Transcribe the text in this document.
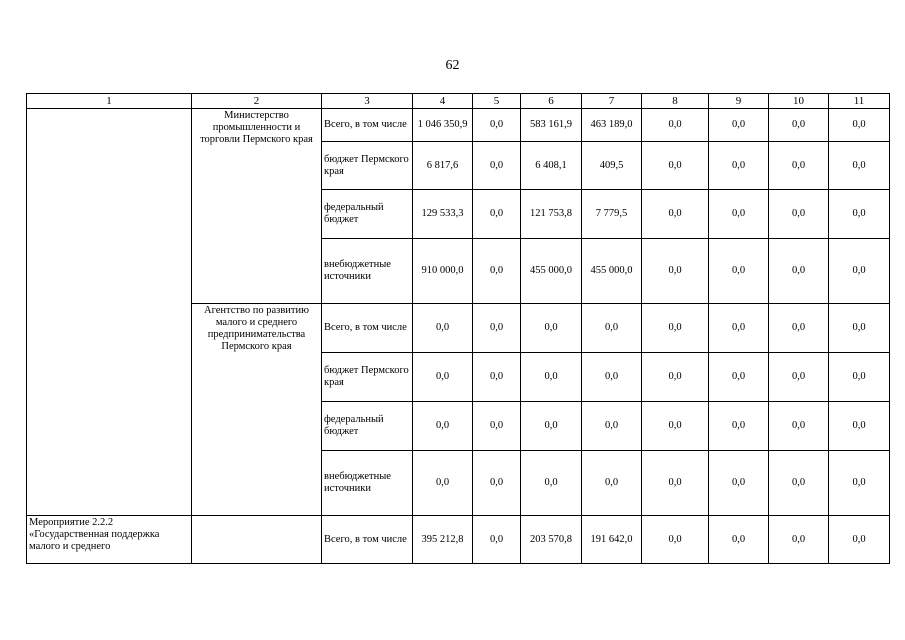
62
1	2	3	4	5	6	7	8	9	10	11
	Министерство промышленности и торговли Пермского края	Всего, в том числе	1 046 350,9	0,0	583 161,9	463 189,0	0,0	0,0	0,0	0,0
		бюджет Пермского края	6 817,6	0,0	6 408,1	409,5	0,0	0,0	0,0	0,0
		федеральный бюджет	129 533,3	0,0	121 753,8	7 779,5	0,0	0,0	0,0	0,0
		внебюджетные источники	910 000,0	0,0	455 000,0	455 000,0	0,0	0,0	0,0	0,0
	Агентство по развитию малого и среднего предпринимательства Пермского края	Всего, в том числе	0,0	0,0	0,0	0,0	0,0	0,0	0,0	0,0
		бюджет Пермского края	0,0	0,0	0,0	0,0	0,0	0,0	0,0	0,0
		федеральный бюджет	0,0	0,0	0,0	0,0	0,0	0,0	0,0	0,0
		внебюджетные источники	0,0	0,0	0,0	0,0	0,0	0,0	0,0	0,0
Мероприятие 2.2.2 «Государственная поддержка малого и среднего		Всего, в том числе	395 212,8	0,0	203 570,8	191 642,0	0,0	0,0	0,0	0,0
